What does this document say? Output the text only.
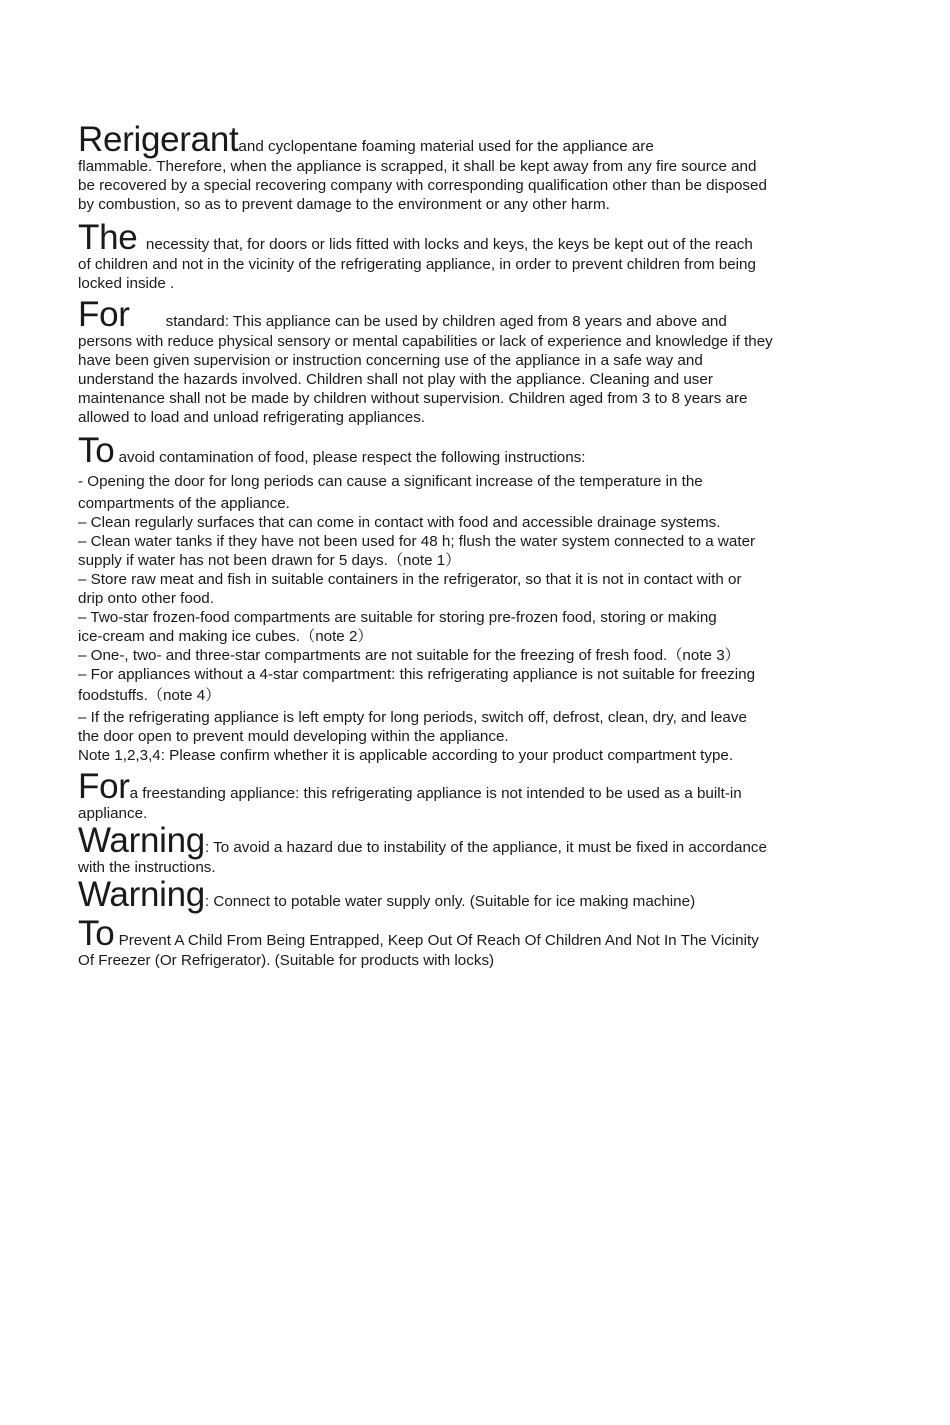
Rerigerantand cyclopentane foaming material used for the appliance are
flammable. Therefore, when the appliance is scrapped, it shall be kept away from any fire source and
be recovered by a special recovering company with corresponding qualification other than be disposed
by combustion, so as to prevent damage to the environment or any other harm.
The necessity that, for doors or lids fitted with locks and keys, the keys be kept out of the reach
of children and not in the vicinity of the refrigerating appliance, in order to prevent children from being
locked inside .
For standard: This appliance can be used by children aged from 8 years and above and
persons with reduce physical sensory or mental capabilities or lack of experience and knowledge if they
have been given supervision or instruction concerning use of the appliance in a safe way and
understand the hazards involved. Children shall not play with the appliance. Cleaning and user
maintenance shall not be made by children without supervision. Children aged from 3 to 8 years are
allowed to load and unload refrigerating appliances.
To avoid contamination of food, please respect the following instructions:
- Opening the door for long periods can cause a significant increase of the temperature in the
compartments of the appliance.
– Clean regularly surfaces that can come in contact with food and accessible drainage systems.
– Clean water tanks if they have not been used for 48 h; flush the water system connected to a water
supply if water has not been drawn for 5 days.（note 1）
– Store raw meat and fish in suitable containers in the refrigerator, so that it is not in contact with or
drip onto other food.
– Two-star frozen-food compartments are suitable for storing pre-frozen food, storing or making
ice-cream and making ice cubes.（note 2）
– One-, two- and three-star compartments are not suitable for the freezing of fresh food.（note 3）
– For appliances without a 4-star compartment: this refrigerating appliance is not suitable for freezing
foodstuffs.（note 4）
– If the refrigerating appliance is left empty for long periods, switch off, defrost, clean, dry, and leave
the door open to prevent mould developing within the appliance.
Note 1,2,3,4: Please confirm whether it is applicable according to your product compartment type.
Fora freestanding appliance: this refrigerating appliance is not intended to be used as a built-in
appliance.
Warning: To avoid a hazard due to instability of the appliance, it must be fixed in accordance
with the instructions.
Warning: Connect to potable water supply only. (Suitable for ice making machine)
To Prevent A Child From Being Entrapped, Keep Out Of Reach Of Children And Not In The Vicinity
Of Freezer (Or Refrigerator). (Suitable for products with locks)
